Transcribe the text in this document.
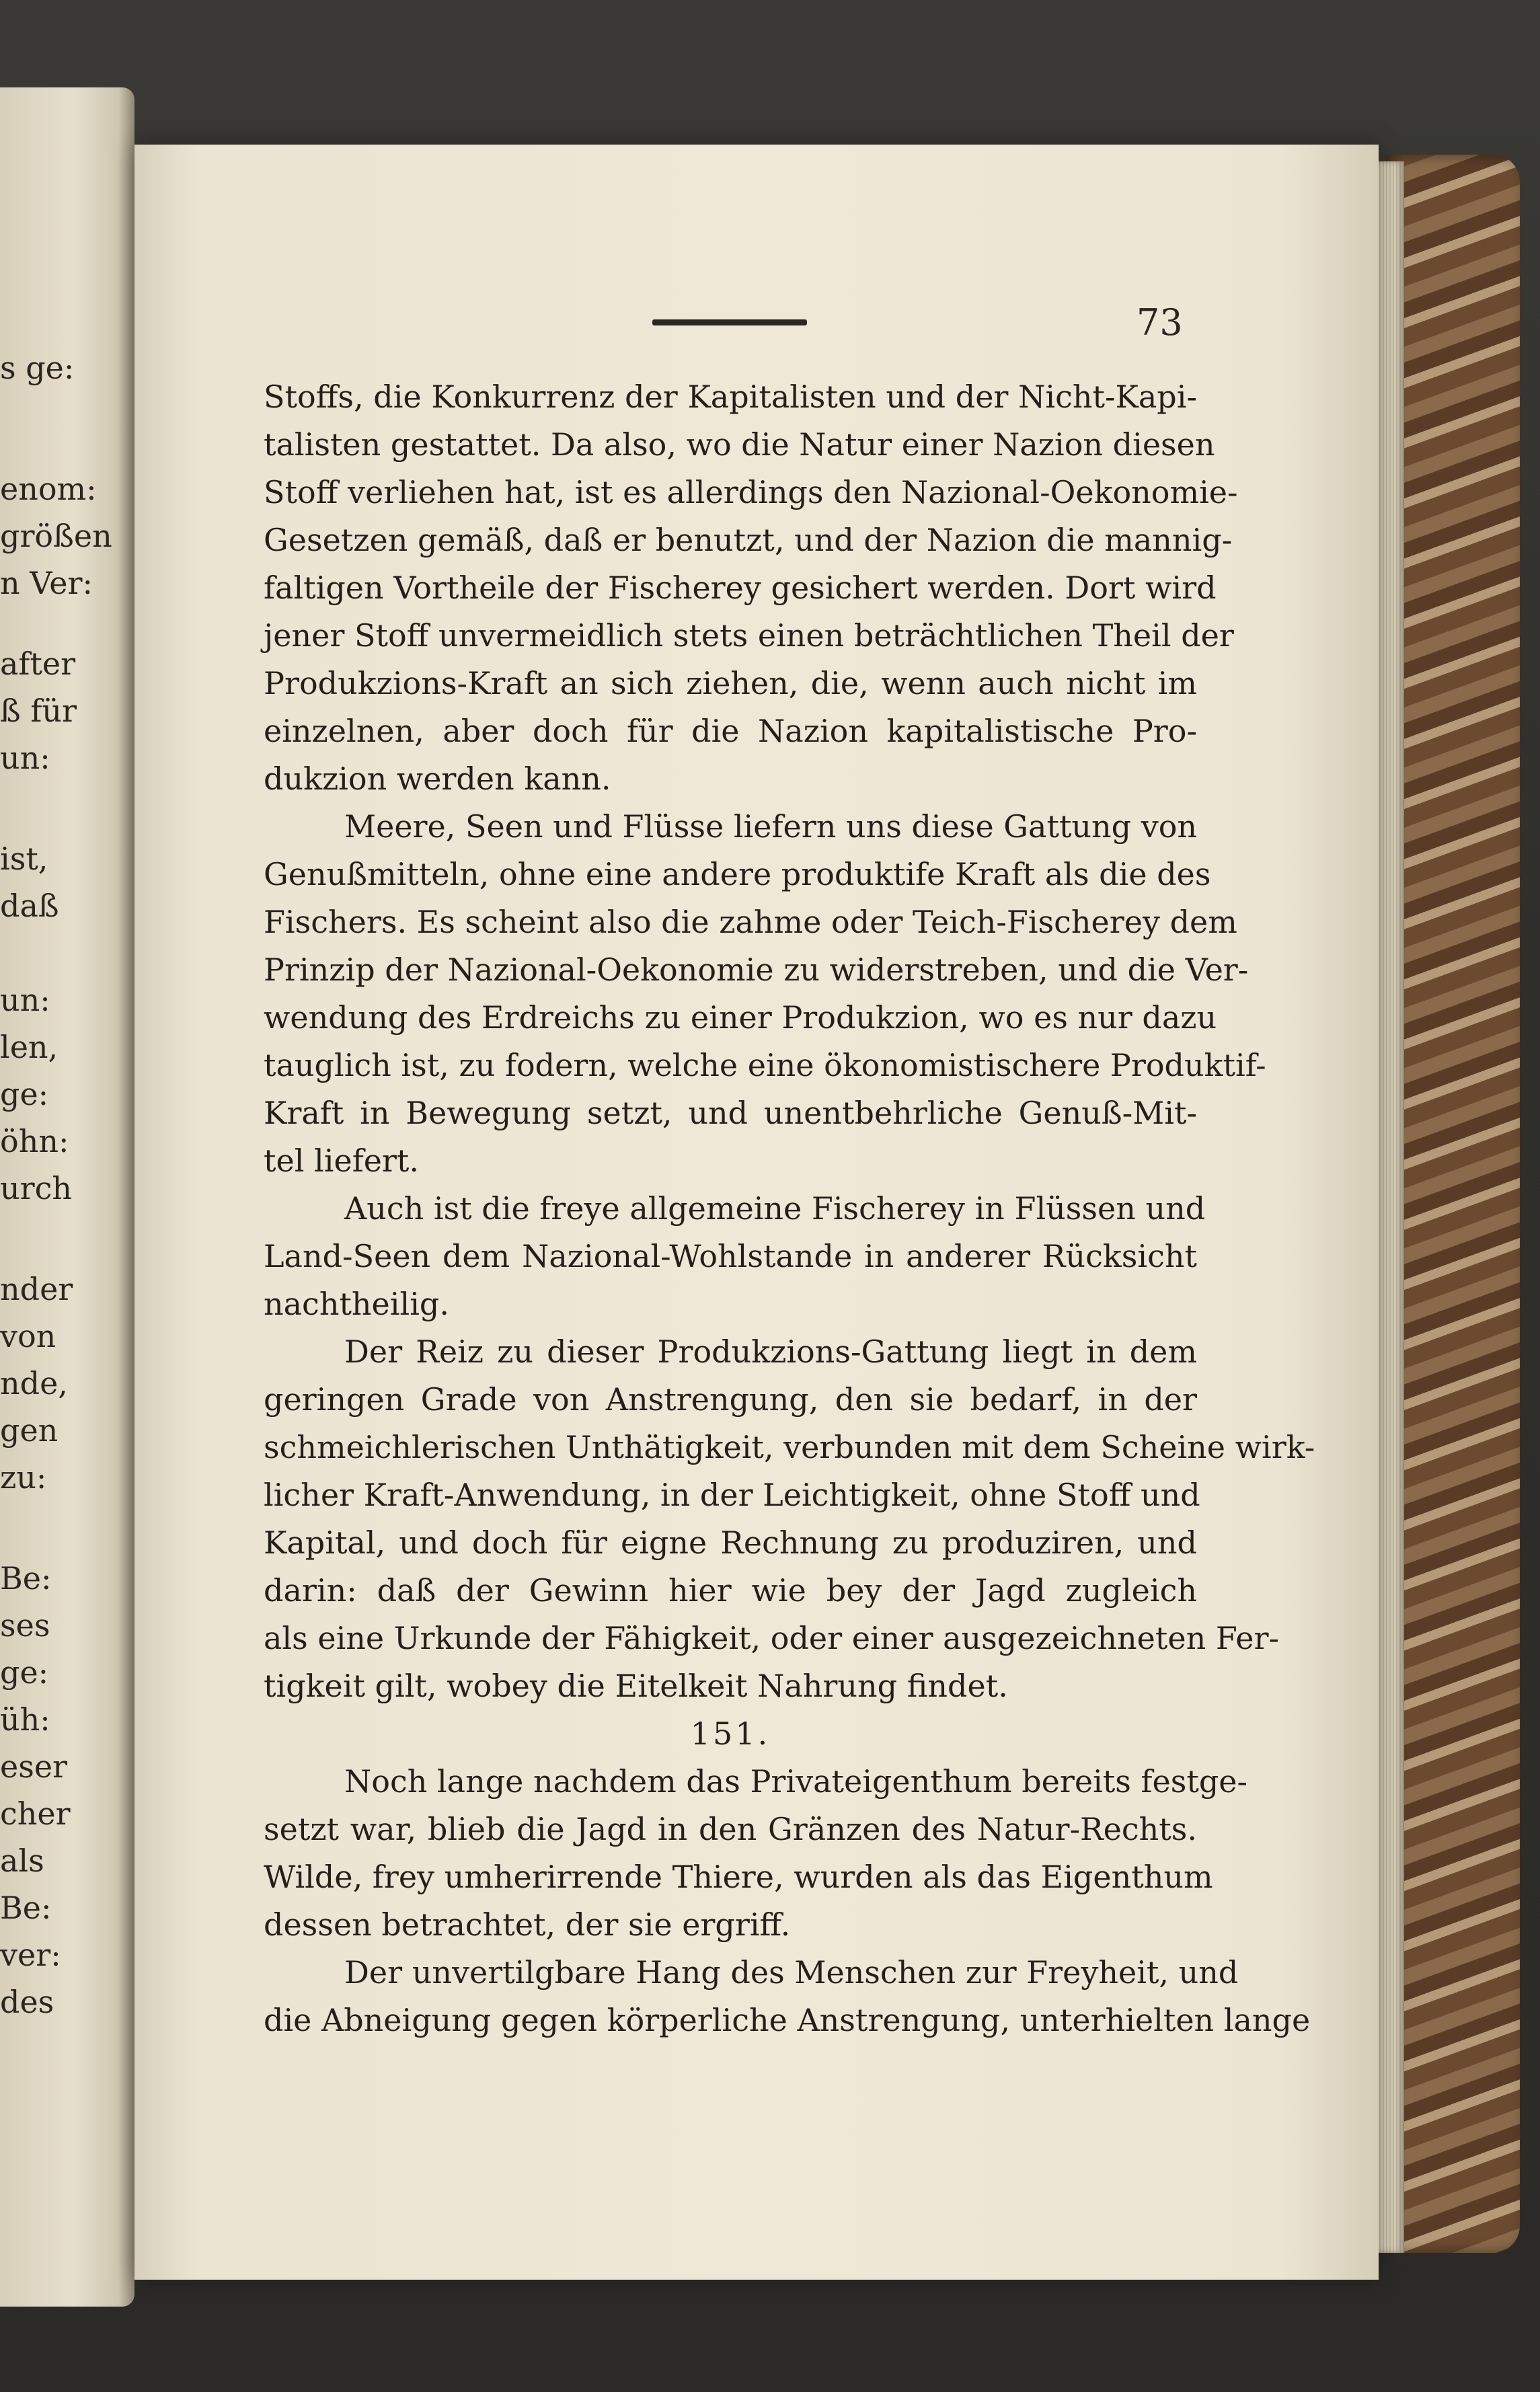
s ge:
enom:
größen
n Ver:
after
ß für
un:
ist,
daß
un:
len,
ge:
öhn:
urch
nder
von
nde,
gen
zu:
Be:
ses
ge:
üh:
eser
cher
als
Be:
ver:
des
73
Stoffs, die Konkurrenz der Kapitalisten und der Nicht-Kapi-
talisten gestattet. Da also, wo die Natur einer Nazion diesen
Stoff verliehen hat, ist es allerdings den Nazional-Oekonomie-
Gesetzen gemäß, daß er benutzt, und der Nazion die mannig-
faltigen Vortheile der Fischerey gesichert werden. Dort wird
jener Stoff unvermeidlich stets einen beträchtlichen Theil der
Produkzions-Kraft an sich ziehen, die, wenn auch nicht im
einzelnen, aber doch für die Nazion kapitalistische Pro-
dukzion werden kann.
Meere, Seen und Flüsse liefern uns diese Gattung von
Genußmitteln, ohne eine andere produktife Kraft als die des
Fischers. Es scheint also die zahme oder Teich-Fischerey dem
Prinzip der Nazional-Oekonomie zu widerstreben, und die Ver-
wendung des Erdreichs zu einer Produkzion, wo es nur dazu
tauglich ist, zu fodern, welche eine ökonomistischere Produktif-
Kraft in Bewegung setzt, und unentbehrliche Genuß-Mit-
tel liefert.
Auch ist die freye allgemeine Fischerey in Flüssen und
Land-Seen dem Nazional-Wohlstande in anderer Rücksicht
nachtheilig.
Der Reiz zu dieser Produkzions-Gattung liegt in dem
geringen Grade von Anstrengung, den sie bedarf, in der
schmeichlerischen Unthätigkeit, verbunden mit dem Scheine wirk-
licher Kraft-Anwendung, in der Leichtigkeit, ohne Stoff und
Kapital, und doch für eigne Rechnung zu produziren, und
darin: daß der Gewinn hier wie bey der Jagd zugleich
als eine Urkunde der Fähigkeit, oder einer ausgezeichneten Fer-
tigkeit gilt, wobey die Eitelkeit Nahrung findet.
151.
Noch lange nachdem das Privateigenthum bereits festge-
setzt war, blieb die Jagd in den Gränzen des Natur-Rechts.
Wilde, frey umherirrende Thiere, wurden als das Eigenthum
dessen betrachtet, der sie ergriff.
Der unvertilgbare Hang des Menschen zur Freyheit, und
die Abneigung gegen körperliche Anstrengung, unterhielten lange
